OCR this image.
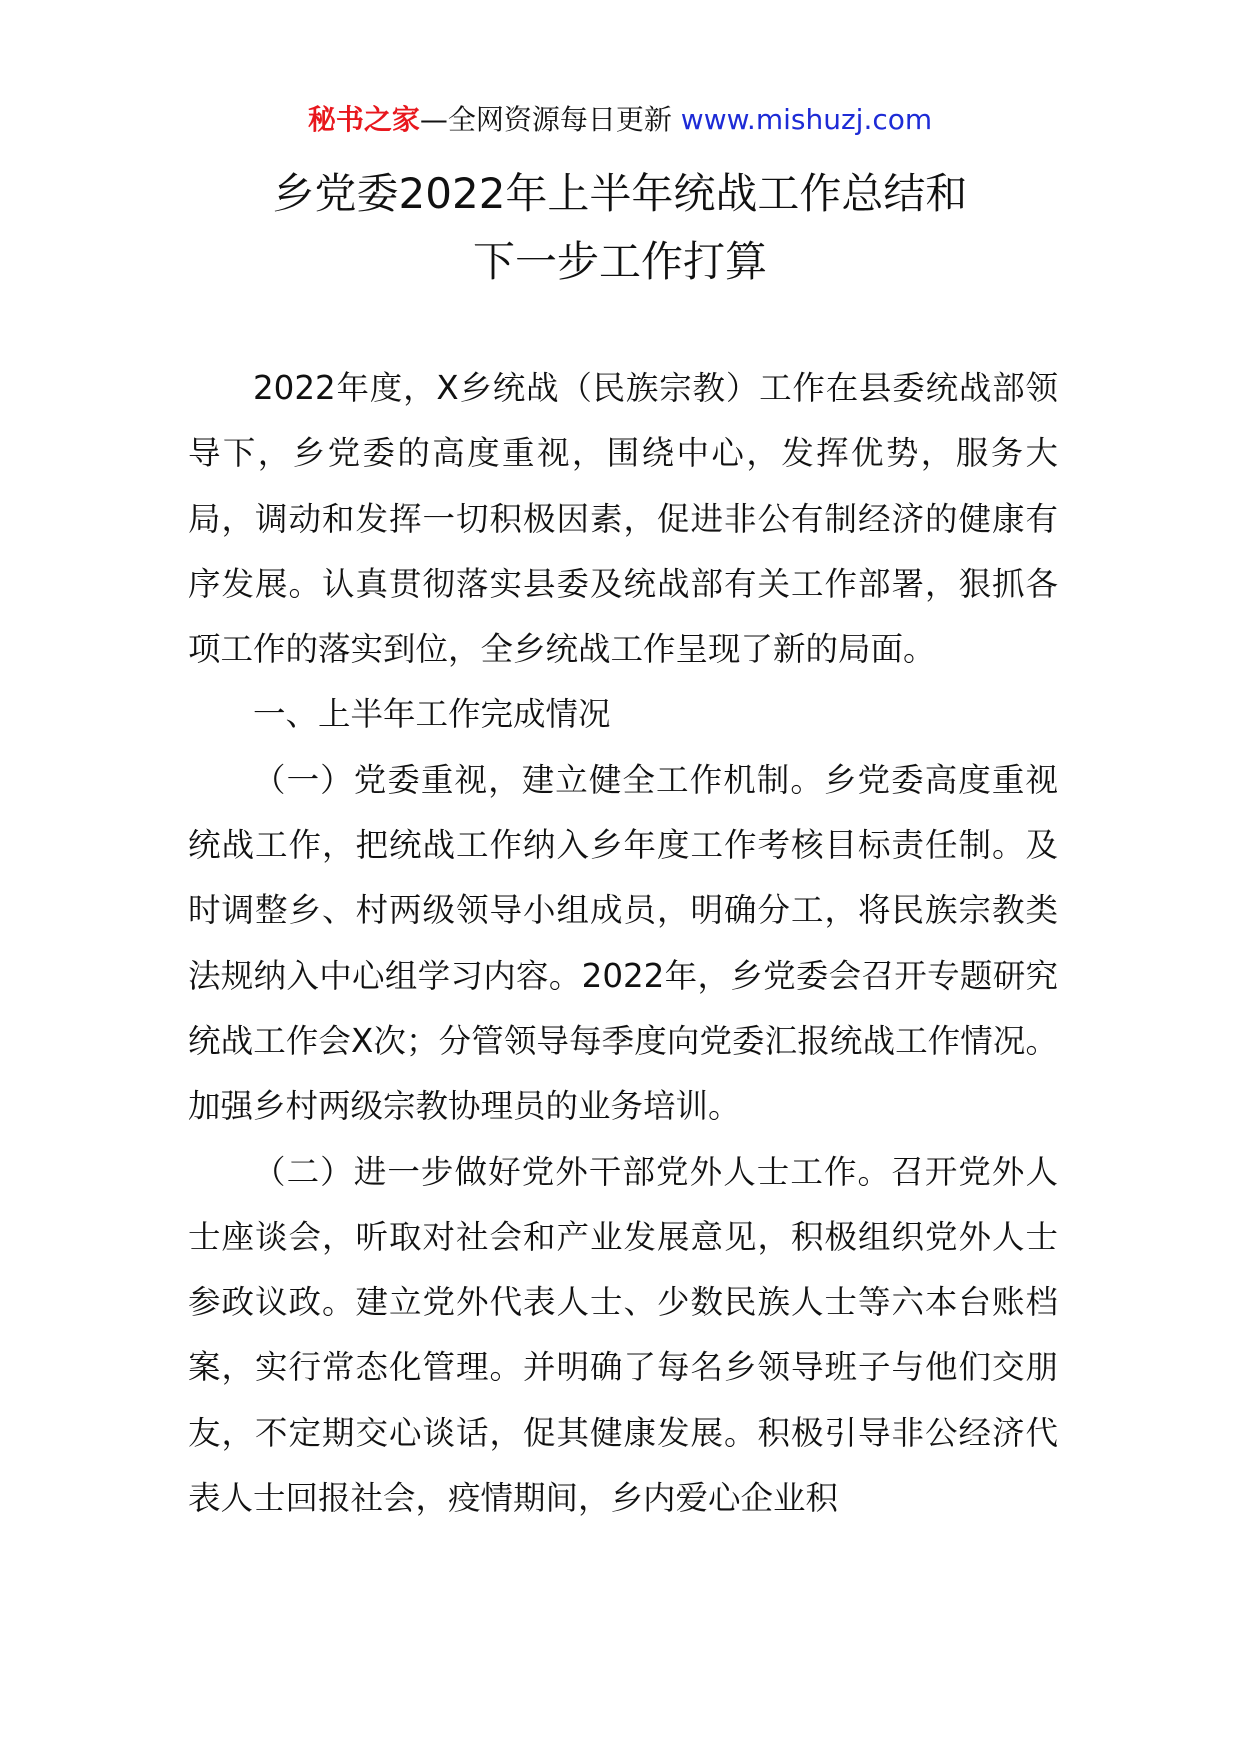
秘书之家—全网资源每日更新 www.mishuzj.com
乡党委2022年上半年统战工作总结和
下一步工作打算

2022年度，X乡统战（民族宗教）工作在县委统战部领导下，乡党委的高度重视，围绕中心，发挥优势，服务大局，调动和发挥一切积极因素，促进非公有制经济的健康有序发展。认真贯彻落实县委及统战部有关工作部署，狠抓各项工作的落实到位，全乡统战工作呈现了新的局面。

一、上半年工作完成情况

（一）党委重视，建立健全工作机制。乡党委高度重视统战工作，把统战工作纳入乡年度工作考核目标责任制。及时调整乡、村两级领导小组成员，明确分工，将民族宗教类法规纳入中心组学习内容。2022年，乡党委会召开专题研究统战工作会X次；分管领导每季度向党委汇报统战工作情况。加强乡村两级宗教协理员的业务培训。

（二）进一步做好党外干部党外人士工作。召开党外人士座谈会，听取对社会和产业发展意见，积极组织党外人士参政议政。建立党外代表人士、少数民族人士等六本台账档案，实行常态化管理。并明确了每名乡领导班子与他们交朋友，不定期交心谈话，促其健康发展。积极引导非公经济代表人士回报社会，疫情期间，乡内爱心企业积
